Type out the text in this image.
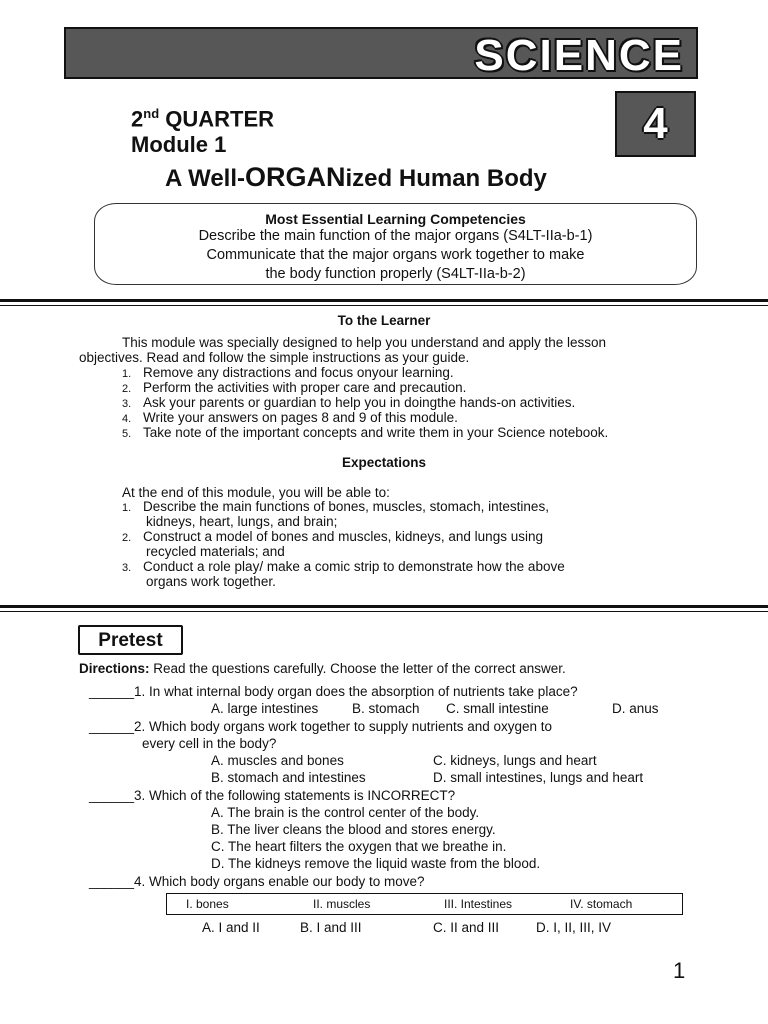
SCIENCE
4
2nd QUARTER
Module 1
A Well-ORGANized Human Body
Most Essential Learning Competencies
Describe the main function of the major organs (S4LT-IIa-b-1)
Communicate that the major organs work together to make
the body function properly (S4LT-IIa-b-2)
To the Learner
This module was specially designed to help you understand and apply the lesson
objectives. Read and follow the simple instructions as your guide.
1. Remove any distractions and focus onyour learning.
2. Perform the activities with proper care and precaution.
3. Ask your parents or guardian to help you in doingthe hands-on activities.
4. Write your answers on pages 8 and 9 of this module.
5. Take note of the important concepts and write them in your Science notebook.
Expectations
At the end of this module, you will be able to:
1. Describe the main functions of bones, muscles, stomach, intestines,
kidneys, heart, lungs, and brain;
2. Construct a model of bones and muscles, kidneys, and lungs using
recycled materials; and
3. Conduct a role play/ make a comic strip to demonstrate how the above
organs work together.
Pretest
Directions: Read the questions carefully. Choose the letter of the correct answer.
______1. In what internal body organ does the absorption of nutrients take place?
A. large intestines B. stomach C. small intestine	D. anus
______2. Which body organs work together to supply nutrients and oxygen to
every cell in the body?
A. muscles and bones	C. kidneys, lungs and heart
B. stomach and intestines	D. small intestines, lungs and heart
______3. Which of the following statements is INCORRECT?
A. The brain is the control center of the body.
B. The liver cleans the blood and stores energy.
C. The heart filters the oxygen that we breathe in.
D. The kidneys remove the liquid waste from the blood.
______4. Which body organs enable our body to move?
I. bones	II. muscles	III. Intestines	IV. stomach
A. I and II	B. I and III	C. II and III	D. I, II, III, IV
1
